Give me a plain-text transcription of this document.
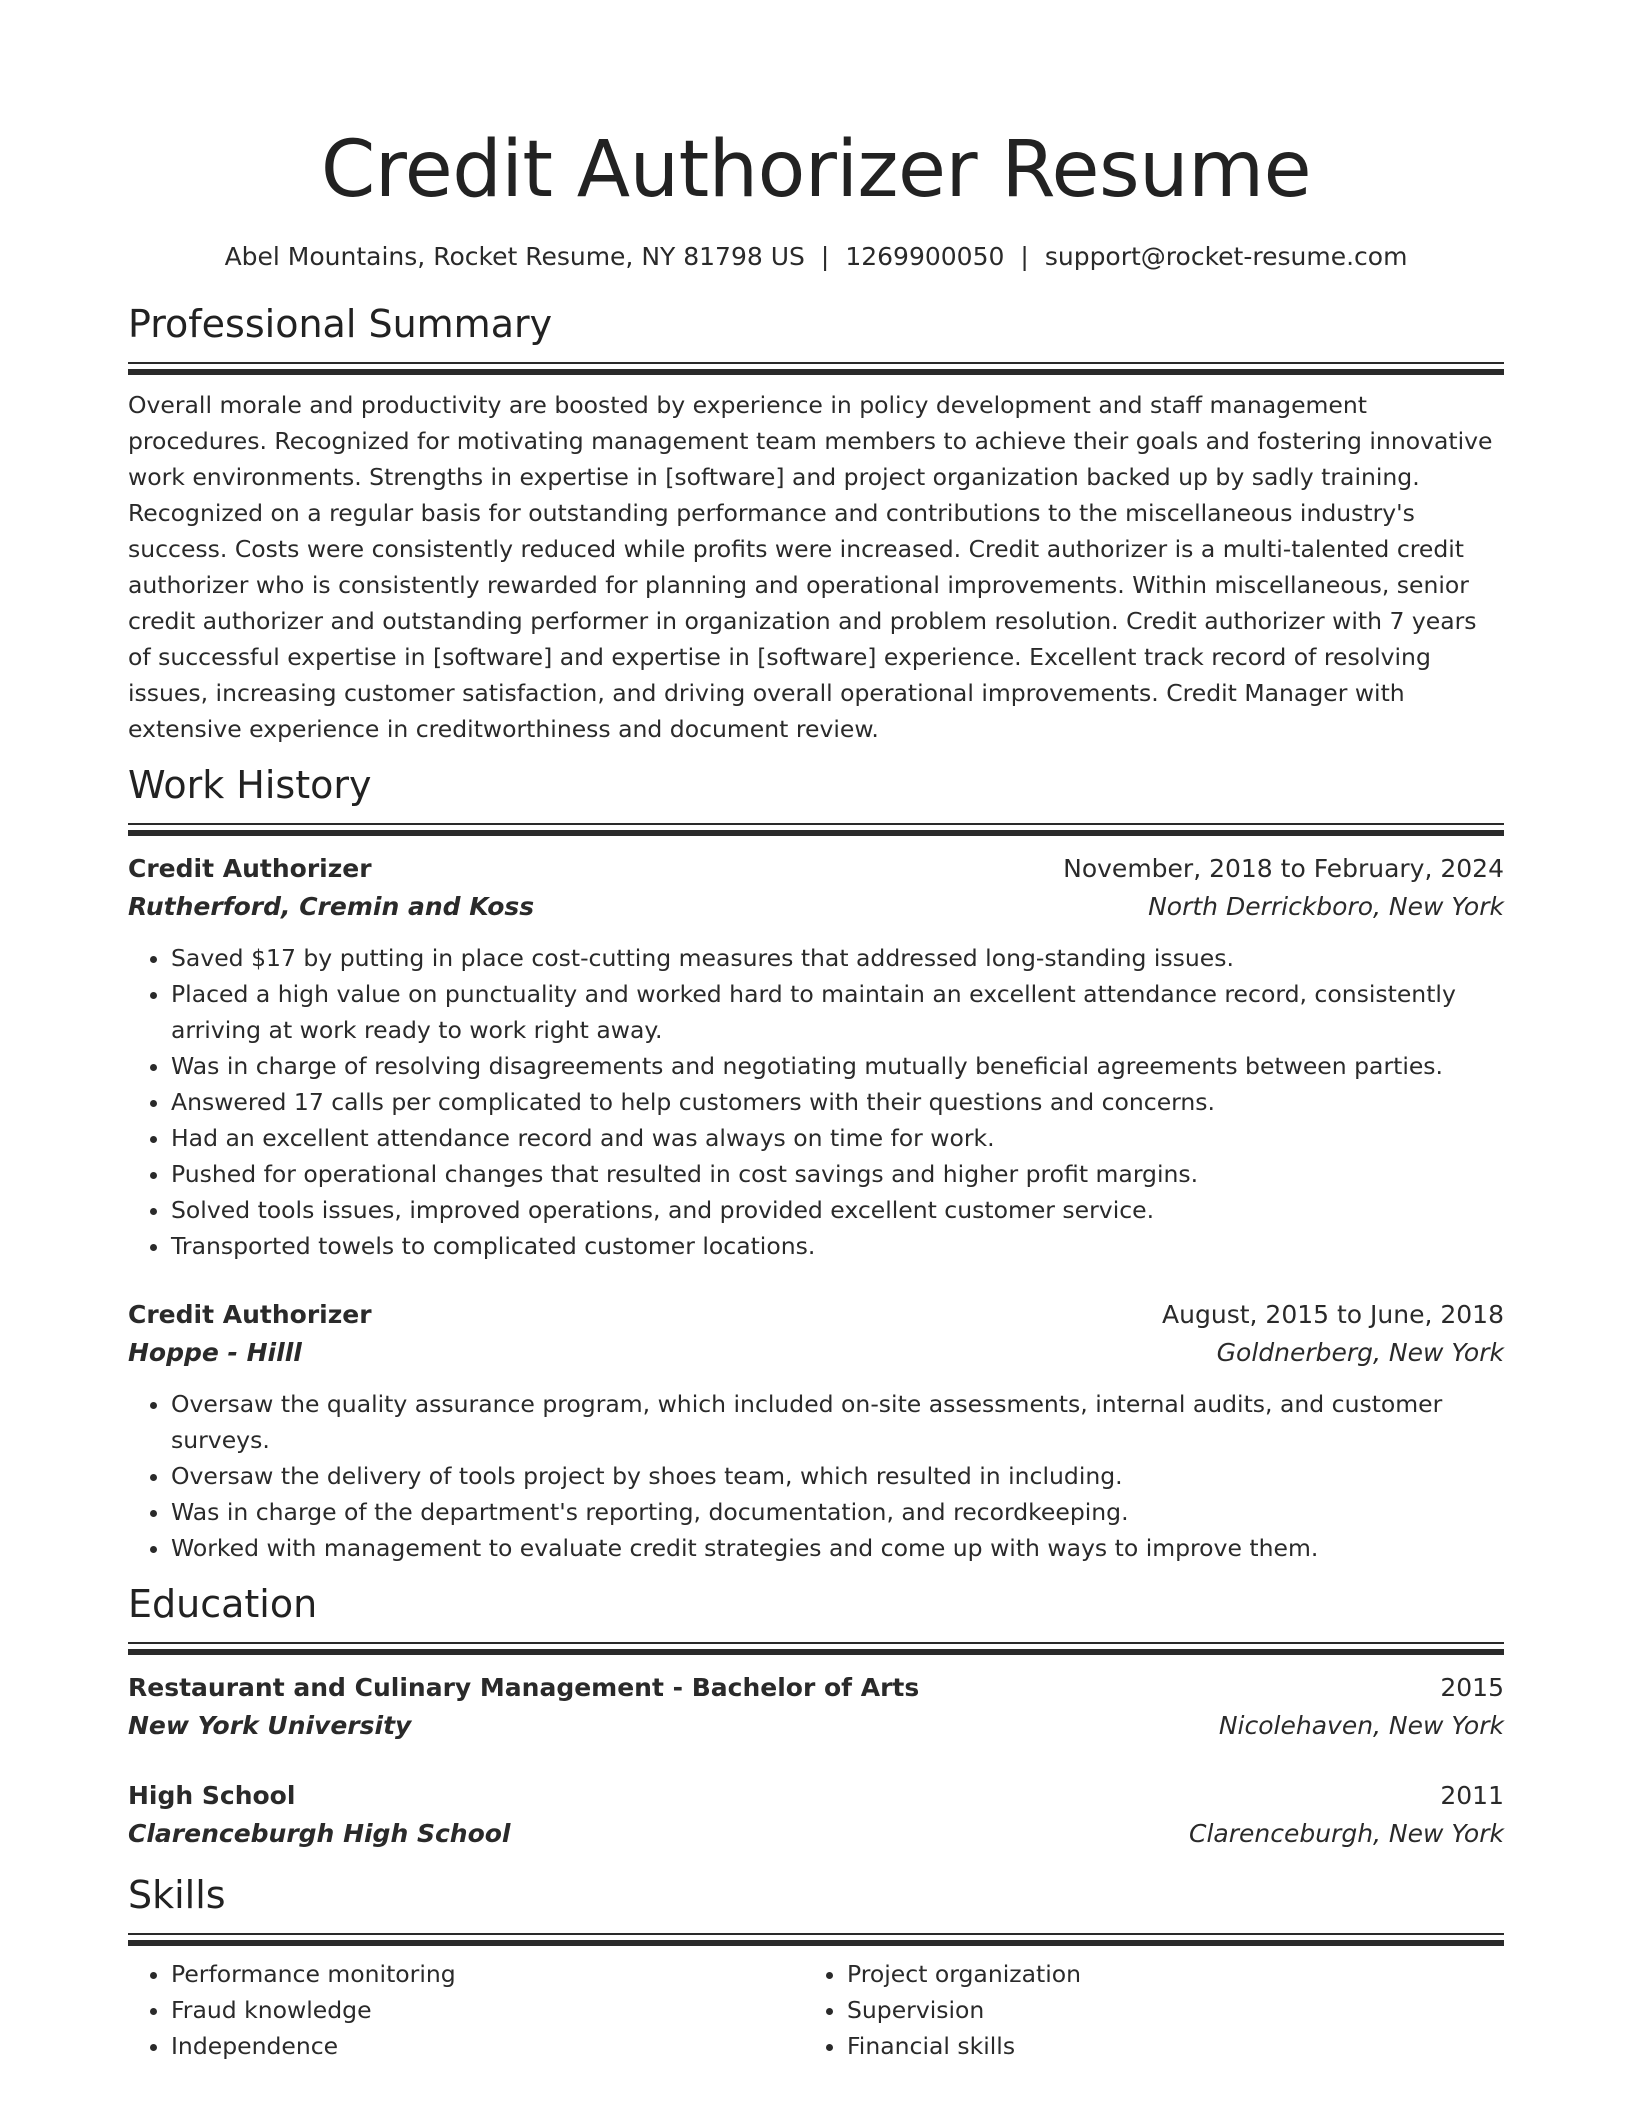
Credit Authorizer Resume
Abel Mountains, Rocket Resume, NY 81798 US | 1269900050 | support@rocket-resume.com
Professional Summary
Overall morale and productivity are boosted by experience in policy development and staff management procedures. Recognized for motivating management team members to achieve their goals and fostering innovative work environments. Strengths in expertise in [software] and project organization backed up by sadly training. Recognized on a regular basis for outstanding performance and contributions to the miscellaneous industry's success. Costs were consistently reduced while profits were increased. Credit authorizer is a multi-talented credit authorizer who is consistently rewarded for planning and operational improvements. Within miscellaneous, senior credit authorizer and outstanding performer in organization and problem resolution. Credit authorizer with 7 years of successful expertise in [software] and expertise in [software] experience. Excellent track record of resolving issues, increasing customer satisfaction, and driving overall operational improvements. Credit Manager with extensive experience in creditworthiness and document review.
Work History
Credit Authorizer	November, 2018 to February, 2024
Rutherford, Cremin and Koss	North Derrickboro, New York
• Saved $17 by putting in place cost-cutting measures that addressed long-standing issues.
• Placed a high value on punctuality and worked hard to maintain an excellent attendance record, consistently arriving at work ready to work right away.
• Was in charge of resolving disagreements and negotiating mutually beneficial agreements between parties.
• Answered 17 calls per complicated to help customers with their questions and concerns.
• Had an excellent attendance record and was always on time for work.
• Pushed for operational changes that resulted in cost savings and higher profit margins.
• Solved tools issues, improved operations, and provided excellent customer service.
• Transported towels to complicated customer locations.
Credit Authorizer	August, 2015 to June, 2018
Hoppe - Hilll	Goldnerberg, New York
• Oversaw the quality assurance program, which included on-site assessments, internal audits, and customer surveys.
• Oversaw the delivery of tools project by shoes team, which resulted in including.
• Was in charge of the department's reporting, documentation, and recordkeeping.
• Worked with management to evaluate credit strategies and come up with ways to improve them.
Education
Restaurant and Culinary Management - Bachelor of Arts	2015
New York University	Nicolehaven, New York
High School	2011
Clarenceburgh High School	Clarenceburgh, New York
Skills
• Performance monitoring
• Fraud knowledge
• Independence
• Project organization
• Supervision
• Financial skills
